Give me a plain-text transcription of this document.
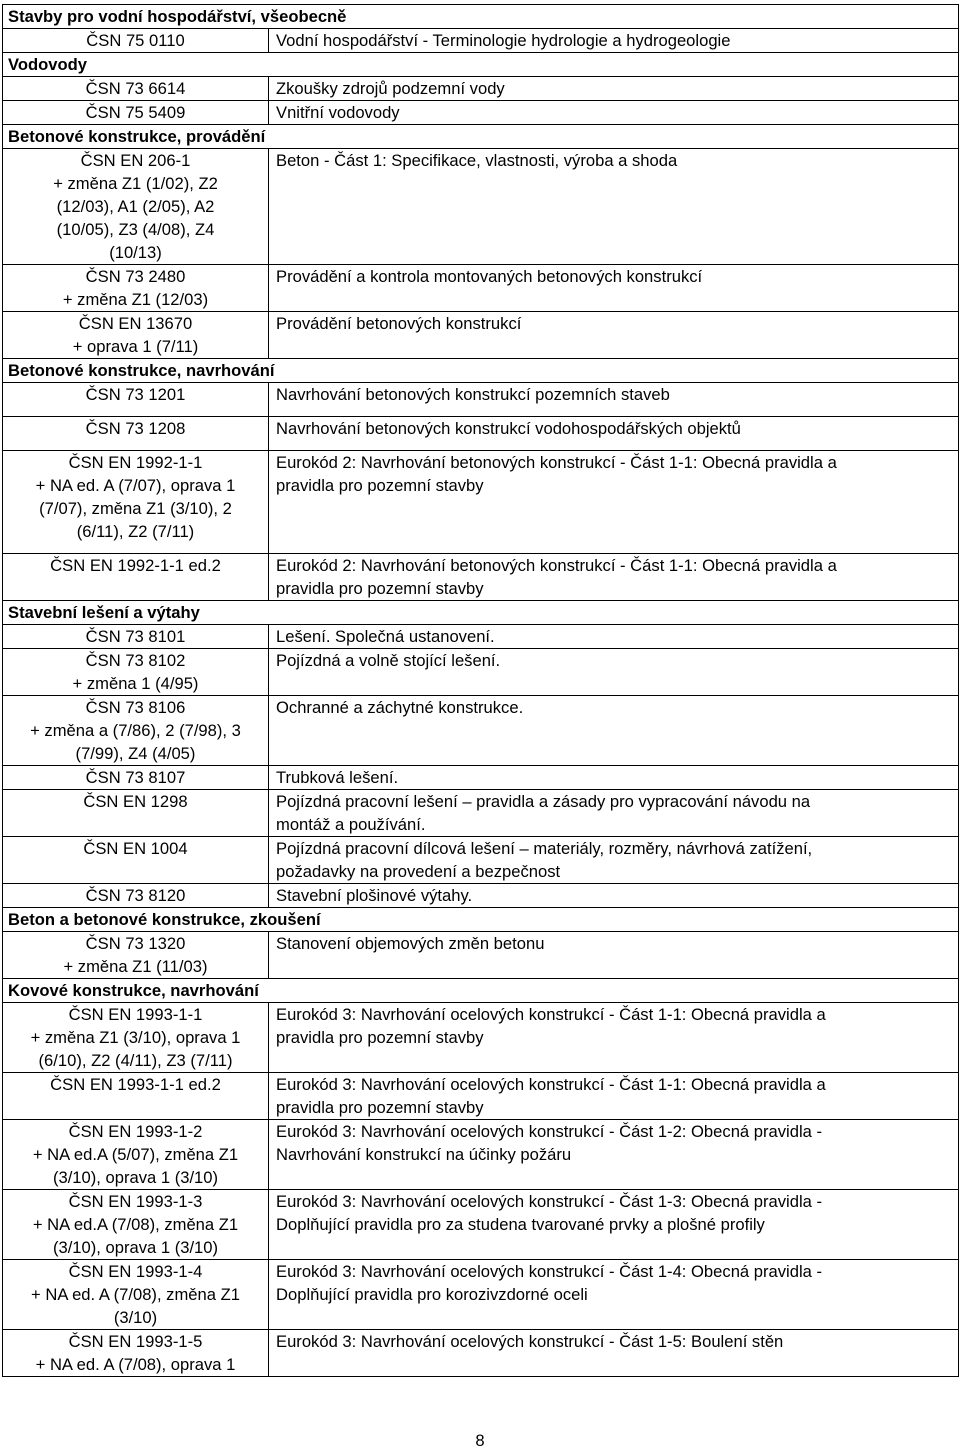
Stavby pro vodní hospodářství, všeobecně	

ČSN 75 0110	Vodní hospodářství - Terminologie hydrologie a hydrogeologie

Vodovody	

ČSN 73 6614	Zkoušky zdrojů podzemní vody

ČSN 75 5409	Vnitřní vodovody

Betonové konstrukce, provádění	

ČSN EN 206-1
+ změna Z1 (1/02), Z2
(12/03), A1 (2/05), A2
(10/05), Z3 (4/08), Z4
(10/13)	Beton - Část 1: Specifikace, vlastnosti, výroba a shoda

ČSN 73 2480
+ změna Z1 (12/03)	Provádění a kontrola montovaných betonových konstrukcí

ČSN EN 13670
+ oprava 1 (7/11)	Provádění betonových konstrukcí

Betonové konstrukce, navrhování	

ČSN 73 1201	Navrhování betonových konstrukcí pozemních staveb

ČSN 73 1208	Navrhování betonových konstrukcí vodohospodářských objektů

ČSN EN 1992-1-1
+ NA ed. A (7/07), oprava 1
(7/07), změna Z1 (3/10), 2
(6/11), Z2 (7/11)	Eurokód 2: Navrhování betonových konstrukcí - Část 1-1: Obecná pravidla a
pravidla pro pozemní stavby

ČSN EN 1992-1-1 ed.2	Eurokód 2: Navrhování betonových konstrukcí - Část 1-1: Obecná pravidla a
pravidla pro pozemní stavby

Stavební lešení a výtahy	

ČSN 73 8101	Lešení. Společná ustanovení.

ČSN 73 8102
+ změna 1 (4/95)	Pojízdná a volně stojící lešení.

ČSN 73 8106
+ změna a (7/86), 2 (7/98), 3
(7/99), Z4 (4/05)	Ochranné a záchytné konstrukce.

ČSN 73 8107	Trubková lešení.

ČSN EN 1298	Pojízdná pracovní lešení – pravidla a zásady pro vypracování návodu na
montáž a používání.

ČSN EN 1004	Pojízdná pracovní dílcová lešení – materiály, rozměry, návrhová zatížení,
požadavky na provedení a bezpečnost

ČSN 73 8120	Stavební plošinové výtahy.

Beton a betonové konstrukce, zkoušení	

ČSN 73 1320
+ změna Z1 (11/03)	Stanovení objemových změn betonu

Kovové konstrukce, navrhování	

ČSN EN 1993-1-1
+ změna Z1 (3/10), oprava 1
(6/10), Z2 (4/11), Z3 (7/11)	Eurokód 3: Navrhování ocelových konstrukcí - Část 1-1: Obecná pravidla a
pravidla pro pozemní stavby

ČSN EN 1993-1-1 ed.2	Eurokód 3: Navrhování ocelových konstrukcí - Část 1-1: Obecná pravidla a
pravidla pro pozemní stavby

ČSN EN 1993-1-2
+ NA ed.A (5/07), změna Z1
(3/10), oprava 1 (3/10)	Eurokód 3: Navrhování ocelových konstrukcí - Část 1-2: Obecná pravidla -
Navrhování konstrukcí na účinky požáru

ČSN EN 1993-1-3
+ NA ed.A (7/08), změna Z1
(3/10), oprava 1 (3/10)	Eurokód 3: Navrhování ocelových konstrukcí - Část 1-3: Obecná pravidla -
Doplňující pravidla pro za studena tvarované prvky a plošné profily

ČSN EN 1993-1-4
+ NA ed. A (7/08), změna Z1
(3/10)	Eurokód 3: Navrhování ocelových konstrukcí - Část 1-4: Obecná pravidla -
Doplňující pravidla pro korozivzdorné oceli

ČSN EN 1993-1-5
+ NA ed. A (7/08), oprava 1	Eurokód 3: Navrhování ocelových konstrukcí - Část 1-5: Boulení stěn
8
